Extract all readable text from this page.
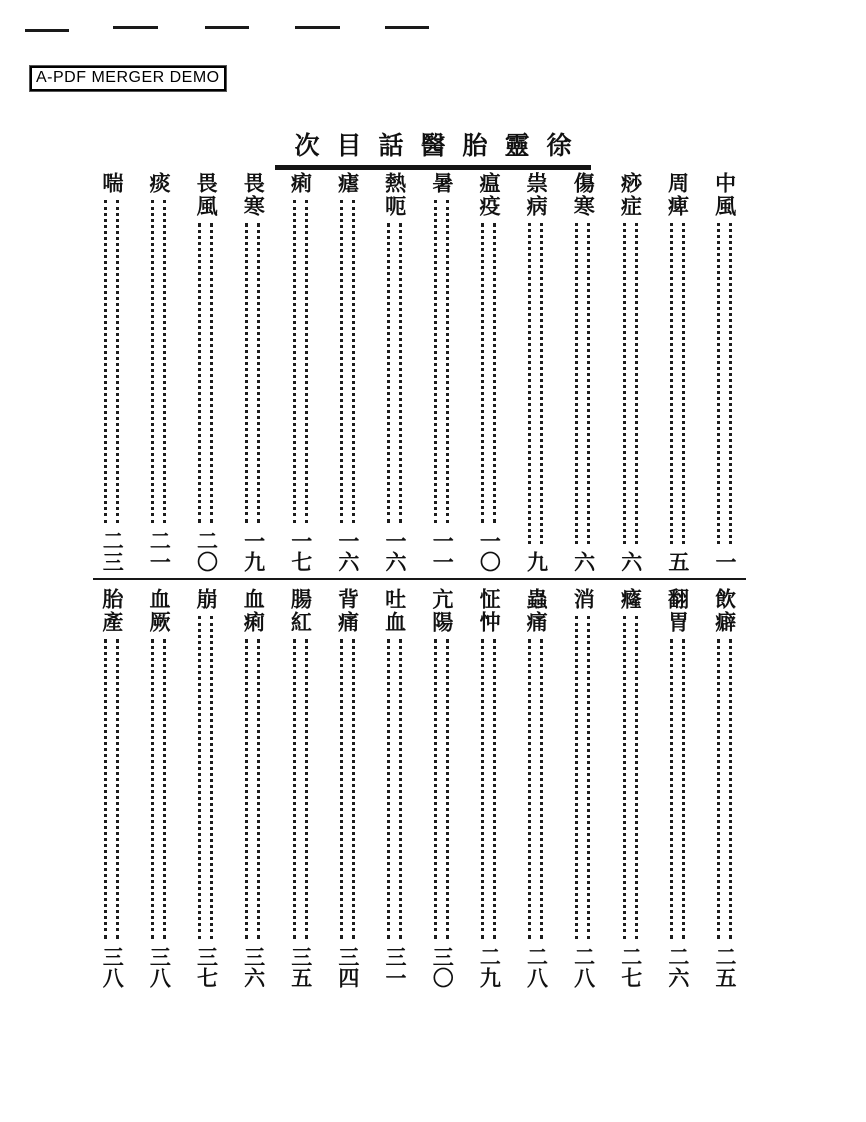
A-PDF MERGER DEMO
次目話醫胎靈徐
中風
一
周痺
五
痧症
六
傷寒
六
祟病
九
瘟疫
一〇
暑
一一
熱呃
一六
瘧
一六
痢
一七
畏寒
一九
畏風
二〇
痰
二一
喘
二三
飲癖
二五
翻胃
二六
癃
二七
消
二八
蟲痛
二八
怔忡
二九
亢陽
三〇
吐血
三一
背痛
三四
腸紅
三五
血痢
三六
崩
三七
血厥
三八
胎產
三八
